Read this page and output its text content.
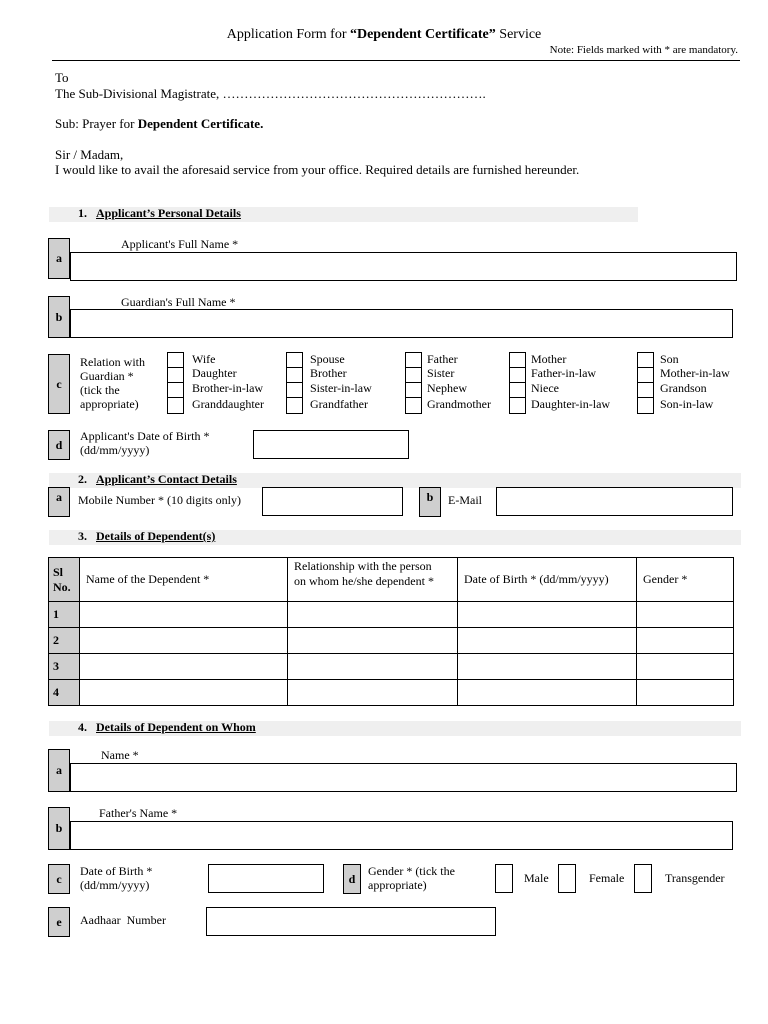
Application Form for “Dependent Certificate” Service
Note: Fields marked with * are mandatory.
To
The Sub-Divisional Magistrate, …………………………………………………….
Sub: Prayer for Dependent Certificate.
Sir / Madam,
I would like to avail the aforesaid service from your office. Required details are furnished hereunder.
1. Applicant’s Personal Details
a
Applicant's Full Name *
b
Guardian's Full Name *
c
Relation with
Guardian *
(tick the
appropriate)
Wife
Daughter
Brother-in-law
Granddaughter
Spouse
Brother
Sister-in-law
Grandfather
Father
Sister
Nephew
Grandmother
Mother
Father-in-law
Niece
Daughter-in-law
Son
Mother-in-law
Grandson
Son-in-law
d
Applicant's Date of Birth *
(dd/mm/yyyy)
2. Applicant’s Contact Details
a	Mobile Number * (10 digits only)	b	E-Mail
3. Details of Dependent(s)
Sl
No.	Name of the Dependent *	Relationship with the person
on whom he/she dependent *	Date of Birth * (dd/mm/yyyy)	Gender *
1				
2				
3				
4				
4. Details of Dependent on Whom
a
Name *
b
Father's Name *
c
Date of Birth *
(dd/mm/yyyy)	d
Gender * (tick the
appropriate)	Male	Female	Transgender
e	Aadhaar  Number
